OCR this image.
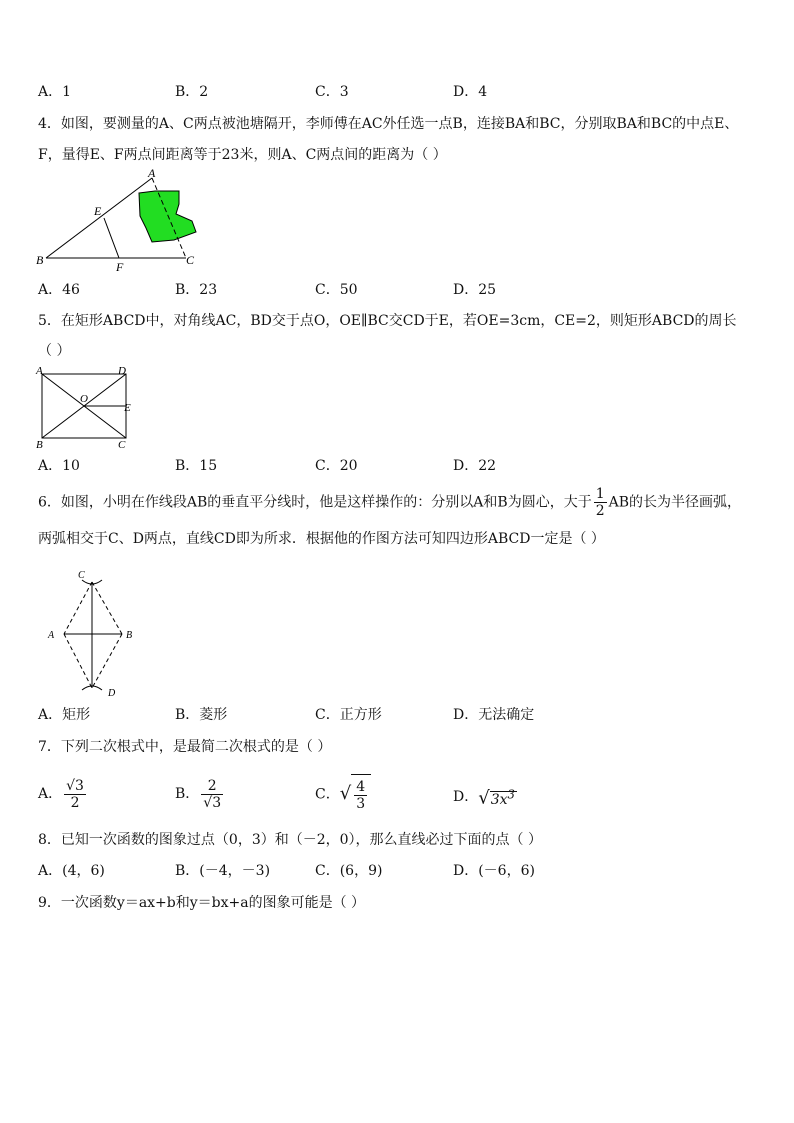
A．1	B．2	C．3	D．4
4．如图，要测量的A、C两点被池塘隔开，李师傅在AC外任选一点B，连接BA和BC，分别取BA和BC的中点E、
F，量得E、F两点间距离等于23米，则A、C两点间的距离为（ ）
A
E
B	F	C
A．46	B．23	C．50	D．25
5．在矩形ABCD中，对角线AC，BD交于点O，OE∥BC交CD于E，若OE=3cm，CE=2，则矩形ABCD的周长
（ ）
A	D
O
E
B	C
A．10	B．15	C．20	D．22
6．如图，小明在作线段AB的垂直平分线时，他是这样操作的：分别以A和B为圆心，大于 $\frac{1}{2}$ AB的长为半径画弧，
两弧相交于C、D两点，直线CD即为所求．根据他的作图方法可知四边形ABCD一定是（ ）
C
A	B
D
A．矩形	B．菱形	C．正方形	D．无法确定
7．下列二次根式中，是最简二次根式的是（ ）
A． $\frac{√3}{2}$	B． $\frac{2}{√3}$	C．√ $\frac{4}{3}$	D．$√3x^3$
8．已知一次函数的图象过点（0，3）和（－2，0），那么直线必过下面的点（ ）
A．(4，6)	B．(－4，－3)	C．(6，9)	D．(－6，6)
9．一次函数y＝ax+b和y＝bx+a的图象可能是（ ）
